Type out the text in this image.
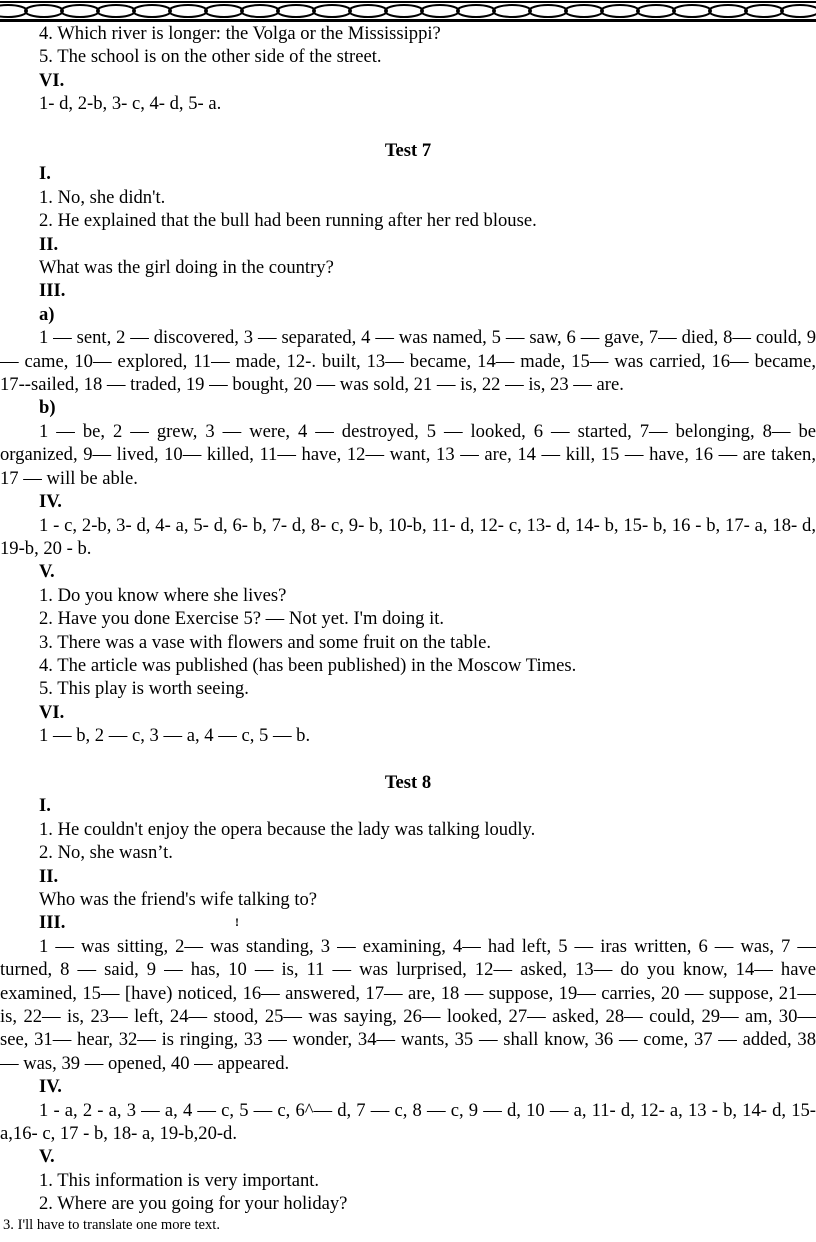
4. Which river is longer: the Volga or the Mississippi?
5. The school is on the other side of the street.
VI.
1- d, 2-b, 3- c, 4- d, 5- a.
Test 7
I.
1. No, she didn't.
2. He explained that the bull had been running after her red blouse.
II.
What was the girl doing in the country?
III.
a)

1 — sent, 2 — discovered, 3 — separated, 4 — was named, 5 — saw, 6 — gave, 7— died, 8— could, 9— came, 10— explored, 11— made, 12-. built, 13— became, 14— made, 15— was carried, 16— became, 17--sailed, 18 — traded, 19 — bought, 20 — was sold, 21 — is, 22 — is, 23 — are.

b)

1 — be, 2 — grew, 3 — were, 4 — destroyed, 5 — looked, 6 — started, 7— belonging, 8— be organized, 9— lived, 10— killed, 11— have, 12— want, 13 — are, 14 — kill, 15 — have, 16 — are taken, 17 — will be able.

IV.

1 - c, 2-b, 3- d, 4- a, 5- d, 6- b, 7- d, 8- c, 9- b, 10-b, 11- d, 12- c, 13- d, 14- b, 15- b, 16 - b, 17- a, 18- d, 19-b, 20 - b.

V.
1. Do you know where she lives?
2. Have you done Exercise 5? — Not yet. I'm doing it.
3. There was a vase with flowers and some fruit on the table.
4. The article was published (has been published) in the Moscow Times.
5. This play is worth seeing.
VI.
1 — b, 2 — c, 3 — a, 4 — c, 5 — b.
Test 8
I.
1. He couldn't enjoy the opera because the lady was talking loudly.
2. No, she wasn’t.
II.
Who was the friend's wife talking to?
III.

1 — was sitting, 2— was standing, 3 — examining, 4— had left, 5 — iras written, 6 — was, 7 — turned, 8 — said, 9 — has, 10 — is, 11 — was lurprised, 12— asked, 13— do you know, 14— have examined, 15— [have) noticed, 16— answered, 17— are, 18 — suppose, 19— carries, 20 — suppose, 21— is, 22— is, 23— left, 24— stood, 25— was saying, 26— looked, 27— asked, 28— could, 29— am, 30— see, 31— hear, 32— is ringing, 33 — wonder, 34— wants, 35 — shall know, 36 — come, 37 — added, 38 — was, 39 — opened, 40 — appeared.

IV.

1 - a, 2 - a, 3 — a, 4 — c, 5 — c, 6^— d, 7 — c, 8 — c, 9 — d, 10 — a, 11- d, 12- a, 13 - b, 14- d, 15- a,16- c, 17 - b, 18- a, 19-b,20-d.

V.
1. This information is very important.
2. Where are you going for your holiday?
3. I'll have to translate one more text.
!
